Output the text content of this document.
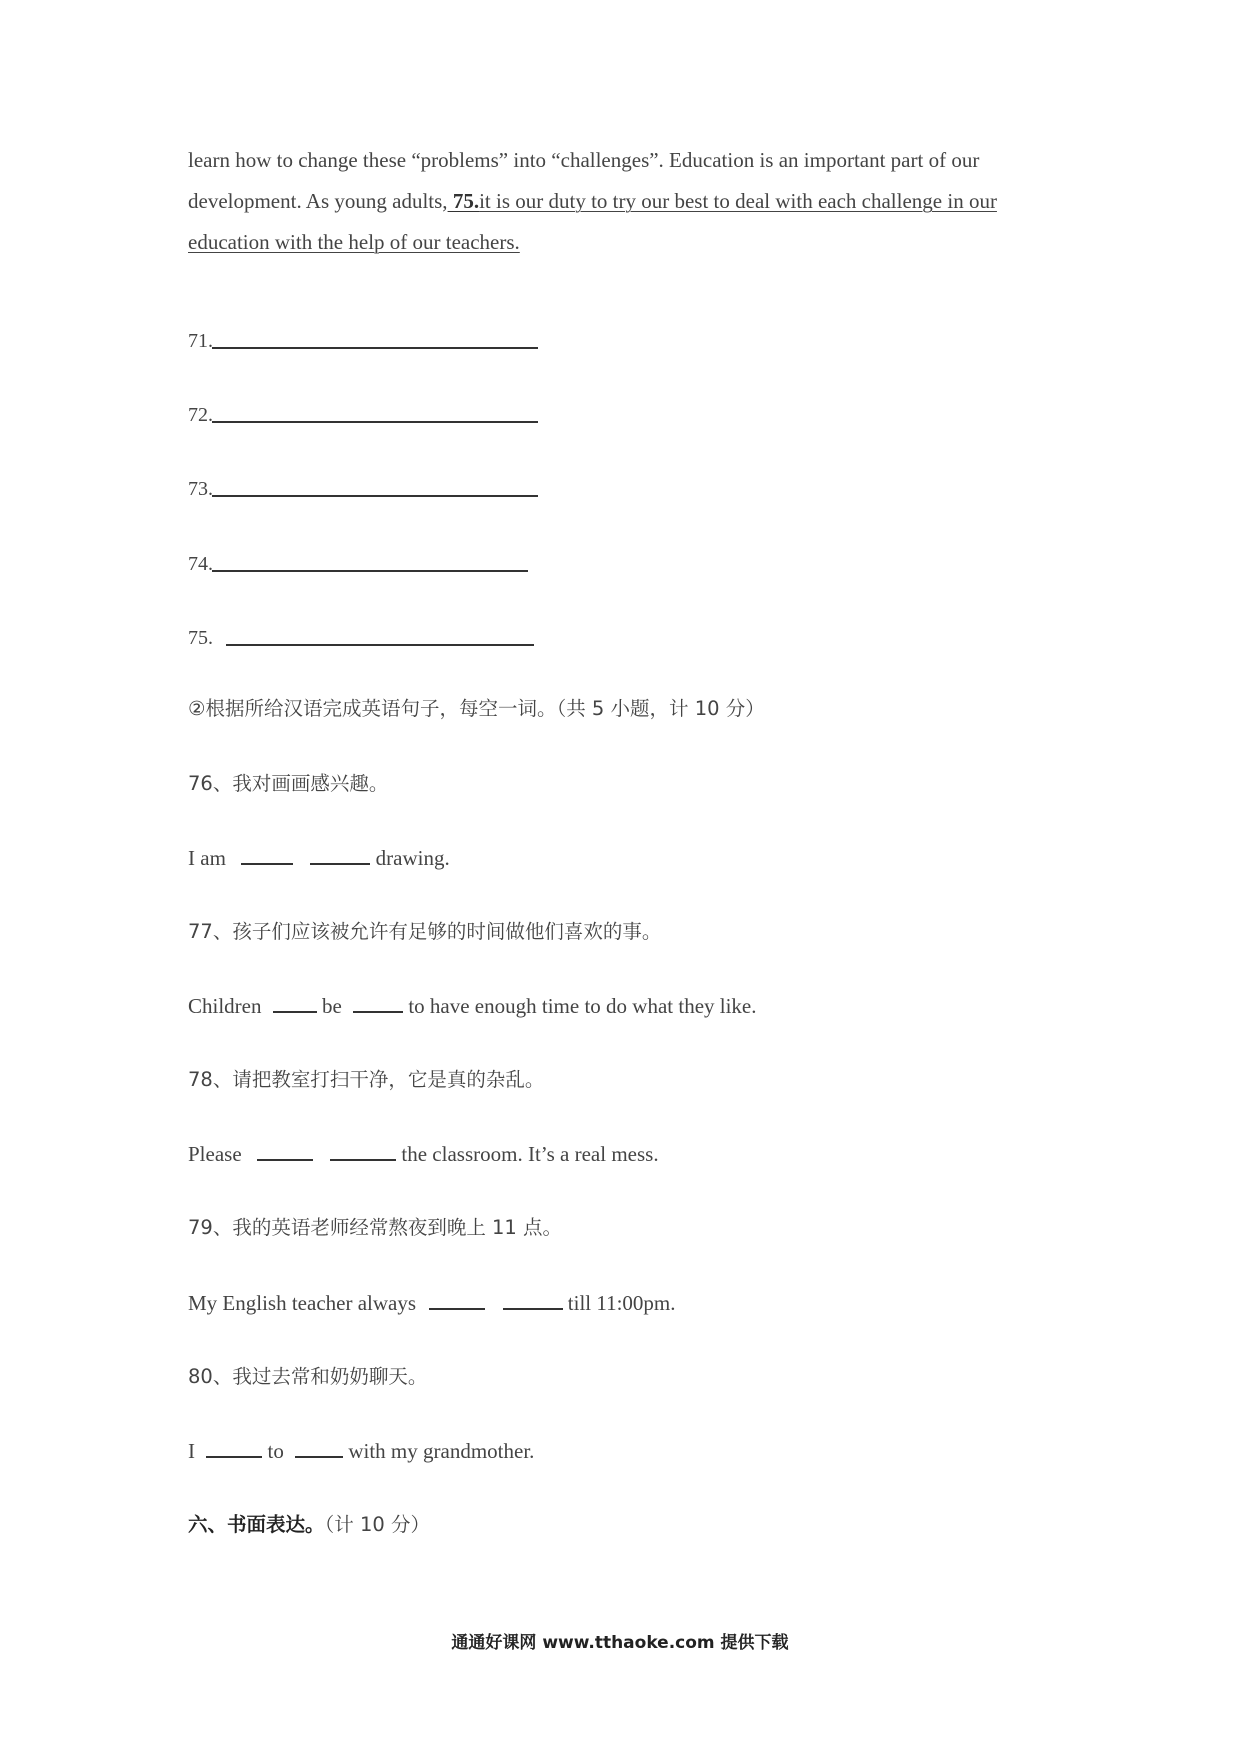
learn how to change these “problems” into “challenges”. Education is an important part of our
development. As young adults, 75.it is our duty to try our best to deal with each challenge in our
education with the help of our teachers.
71.
72.
73.
74.
75.
②根据所给汉语完成英语句子，每空一词。（共 5 小题，计 10 分）
76、我对画画感兴趣。
I am	drawing.
77、孩子们应该被允许有足够的时间做他们喜欢的事。
Children	be	to have enough time to do what they like.
78、请把教室打扫干净，它是真的杂乱。
Please	the classroom. It’s a real mess.
79、我的英语老师经常熬夜到晚上 11 点。
My English teacher always	till 11:00pm.
80、我过去常和奶奶聊天。
I	to	with my grandmother.
六、书面表达。（计 10 分）
通通好课网 www.tthaoke.com 提供下载
